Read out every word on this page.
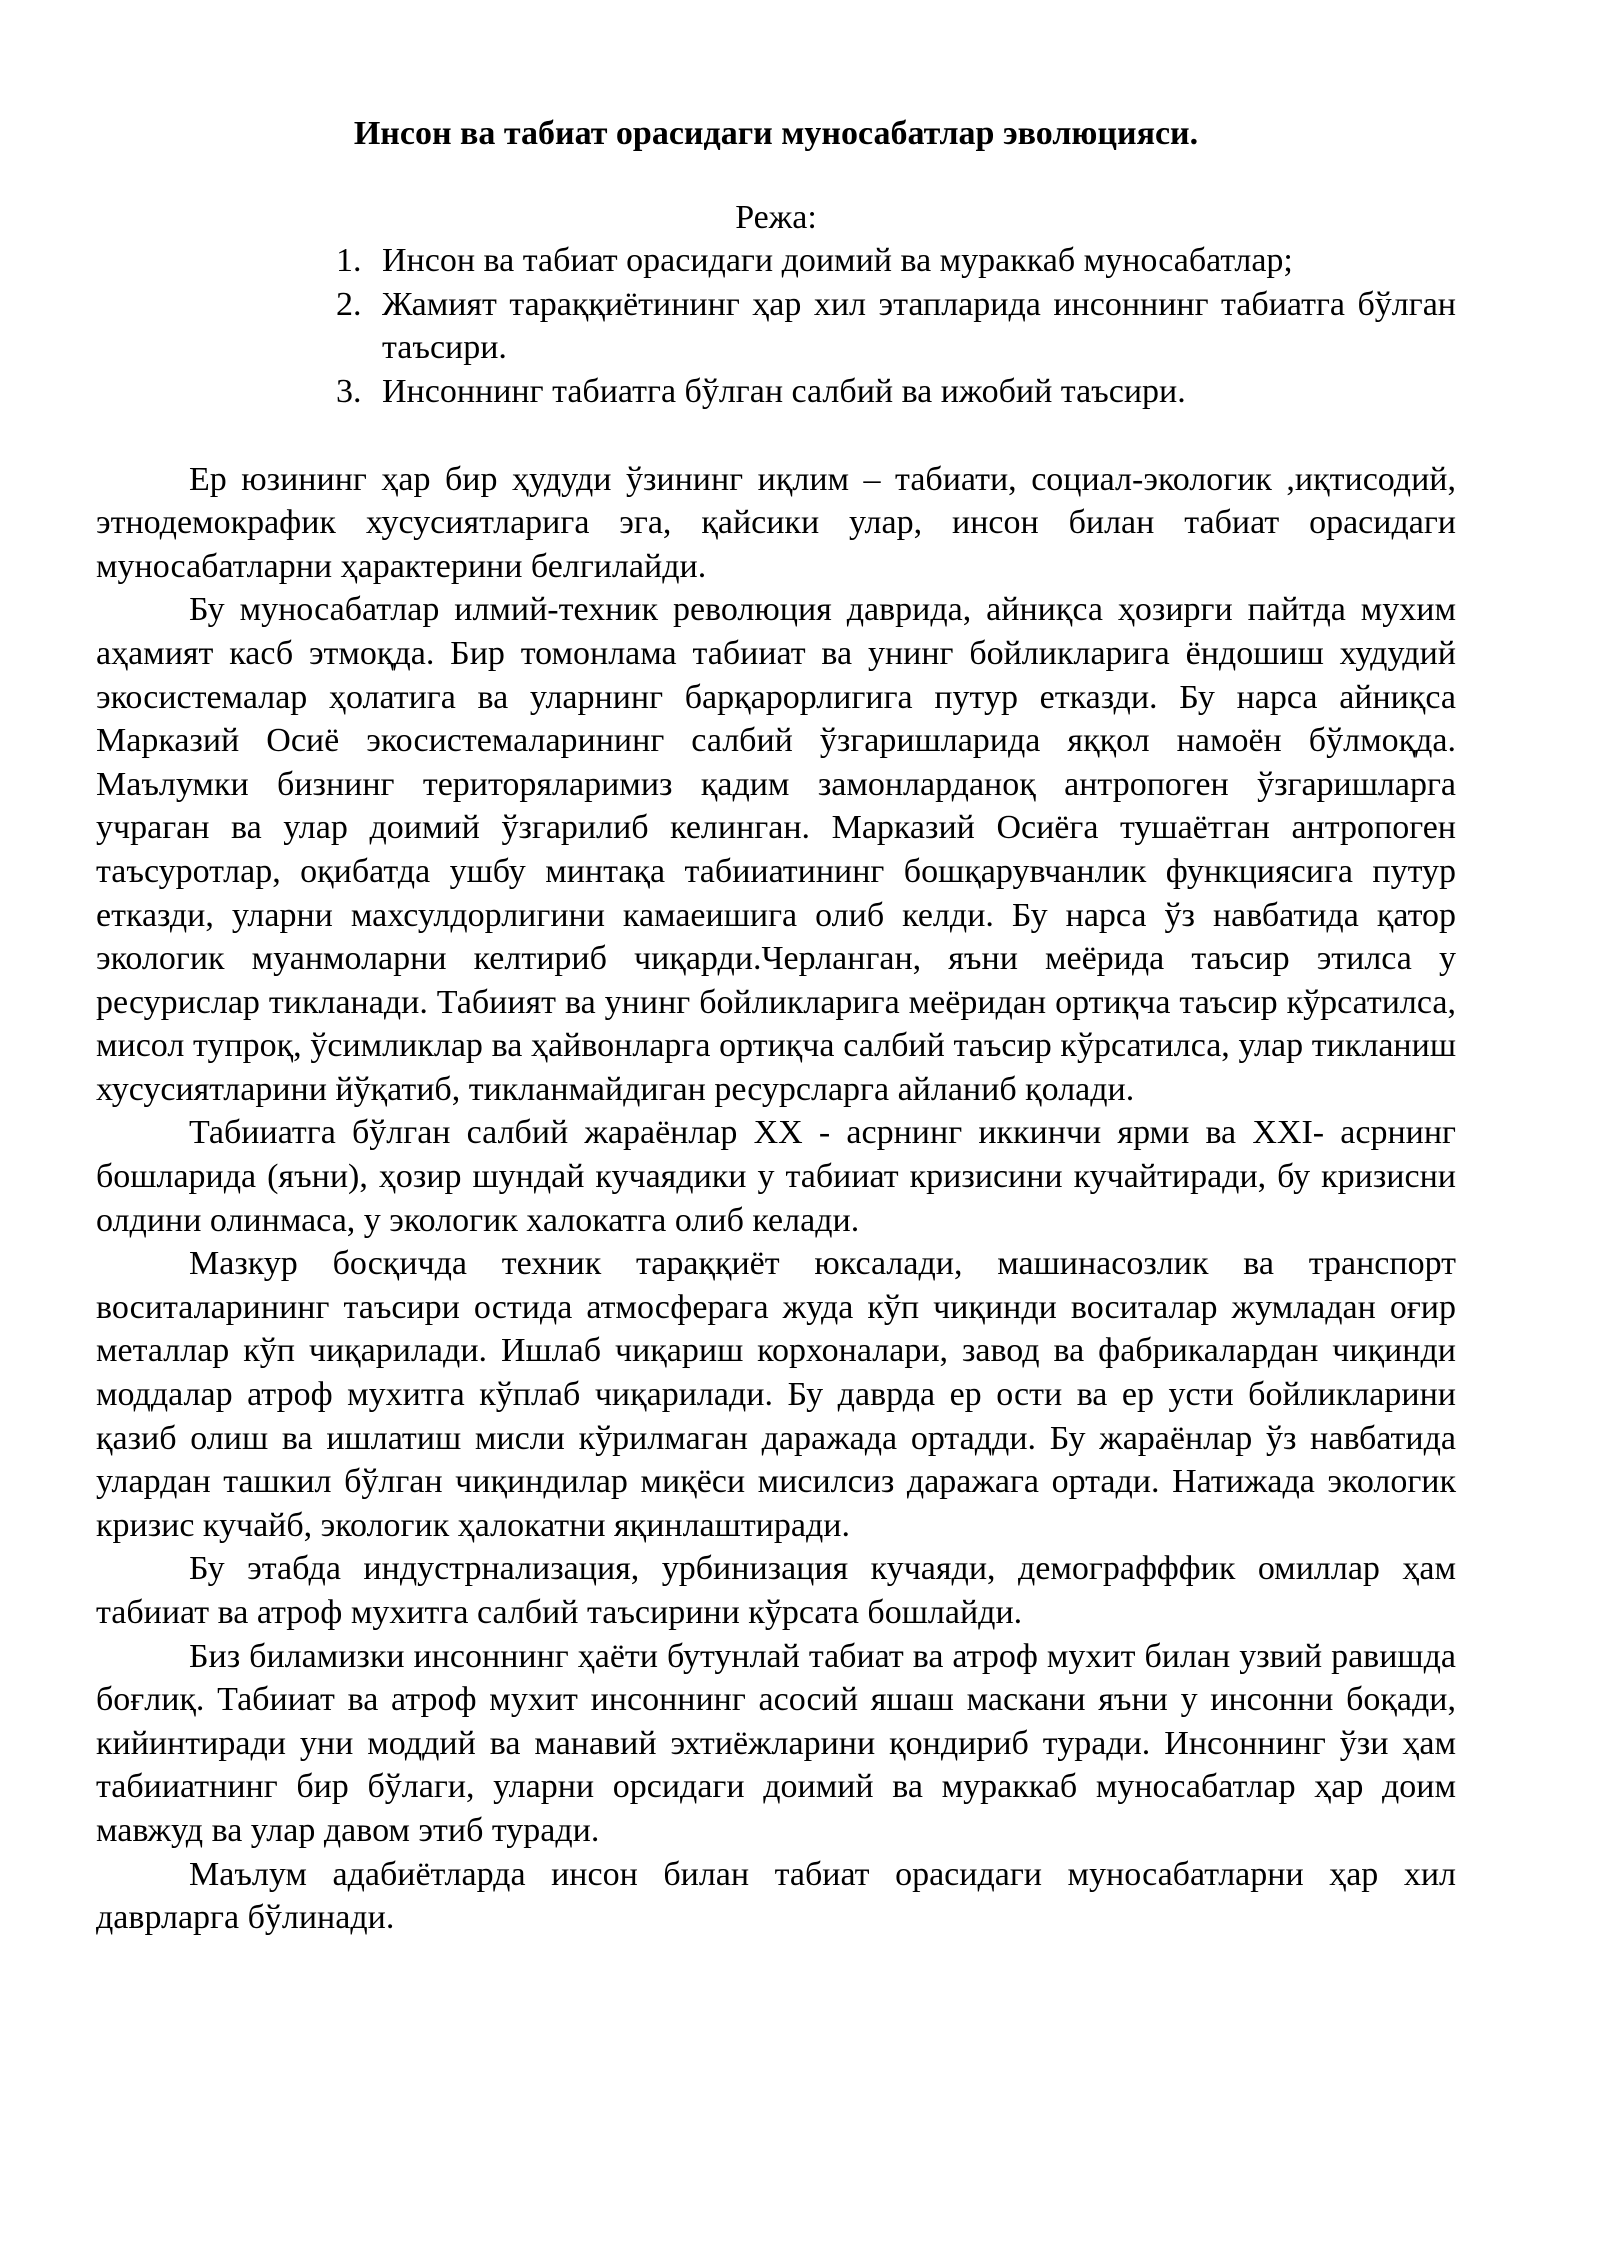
Инсон ва табиат орасидаги муносабатлар эволюцияси.

Режа:

1. Инсон ва табиат орасидаги доимий ва мураккаб муносабатлар;
2. Жамият тараққиётининг ҳар хил этапларида инсоннинг табиатга бўлган таъсири.
3. Инсоннинг табиатга бўлган салбий ва ижобий таъсири.

Ер юзининг ҳар бир ҳудуди ўзининг иқлим – табиати, социал-экологик ,иқтисодий, этнодемокрафик хусусиятларига эга, қайсики улар, инсон билан табиат орасидаги муносабатларни ҳарактерини белгилайди.

Бу муносабатлар илмий-техник революция даврида, айниқса ҳозирги пайтда мухим аҳамият касб этмоқда. Бир томонлама табииат ва унинг бойликларига ёндошиш худудий экосистемалар ҳолатига ва уларнинг барқарорлигига путур етказди. Бу нарса айниқса Марказий Осиё экосистемаларининг салбий ўзгаришларида яққол намоён бўлмоқда. Маълумки бизнинг територяларимиз қадим замонларданоқ антропоген ўзгаришларга учраган ва улар доимий ўзгарилиб келинган. Марказий Осиёга тушаётган антропоген таъсуротлар, оқибатда ушбу минтақа табииатининг бошқарувчанлик функциясига путур етказди, уларни махсулдорлигини камаеишига олиб келди. Бу нарса ўз навбатида қатор экологик муанмоларни келтириб чиқарди.Черланган, яъни меёрида таъсир этилса у ресурислар тикланади. Табиият ва унинг бойликларига меёридан ортиқча таъсир кўрсатилса, мисол тупроқ, ўсимликлар ва ҳайвонларга ортиқча салбий таъсир кўрсатилса, улар тикланиш хусусиятларини йўқатиб, тикланмайдиган ресурсларга айланиб қолади.

Табииатга бўлган салбий жараёнлар XX - асрнинг иккинчи ярми ва XXI- асрнинг бошларида (яъни), ҳозир шундай кучаядики у табииат кризисини кучайтиради, бу кризисни олдини олинмаса, у экологик халокатга олиб келади.

Мазкур босқичда техник тарaққиёт юксалади, машинасозлик ва транспорт воситаларининг таъсири остида атмосферага жуда кўп чиқинди воситалар жумладан оғир металлар кўп чиқарилади. Ишлаб чиқариш корхоналари, завод ва фабрикалардан чиқинди моддалар атроф мухитга кўплаб чиқарилади. Бу даврда ер ости ва ер усти бойликларини қазиб олиш ва ишлатиш мисли кўрилмаган даражада ортадди. Бу жараёнлар ўз навбатида улардан ташкил бўлган чиқиндилар миқёси мисилсиз даражага ортади. Натижада экологик кризис кучайб, экологик ҳалокатни яқинлаштиради.

Бу этабда индустрнализация, урбинизация кучаяди, демографффик омиллар ҳам табииат ва атроф мухитга салбий таъсирини кўрсата бошлайди.

Биз биламизки инсоннинг ҳаёти бутунлай табиат ва атроф мухит билан узвий равишда боғлиқ. Табииат ва атроф мухит инсоннинг асосий яшаш маскани яъни у инсонни боқади, кийинтиради уни моддий ва манавий эхтиёжларини қондириб туради. Инсоннинг ўзи ҳам табииатнинг бир бўлаги, уларни орсидаги доимий ва мураккаб муносабатлар ҳар доим мавжуд ва улар давом этиб туради.

Маълум адабиётларда инсон билан табиат орасидаги муносабатларни ҳар хил даврларга бўлинади.
